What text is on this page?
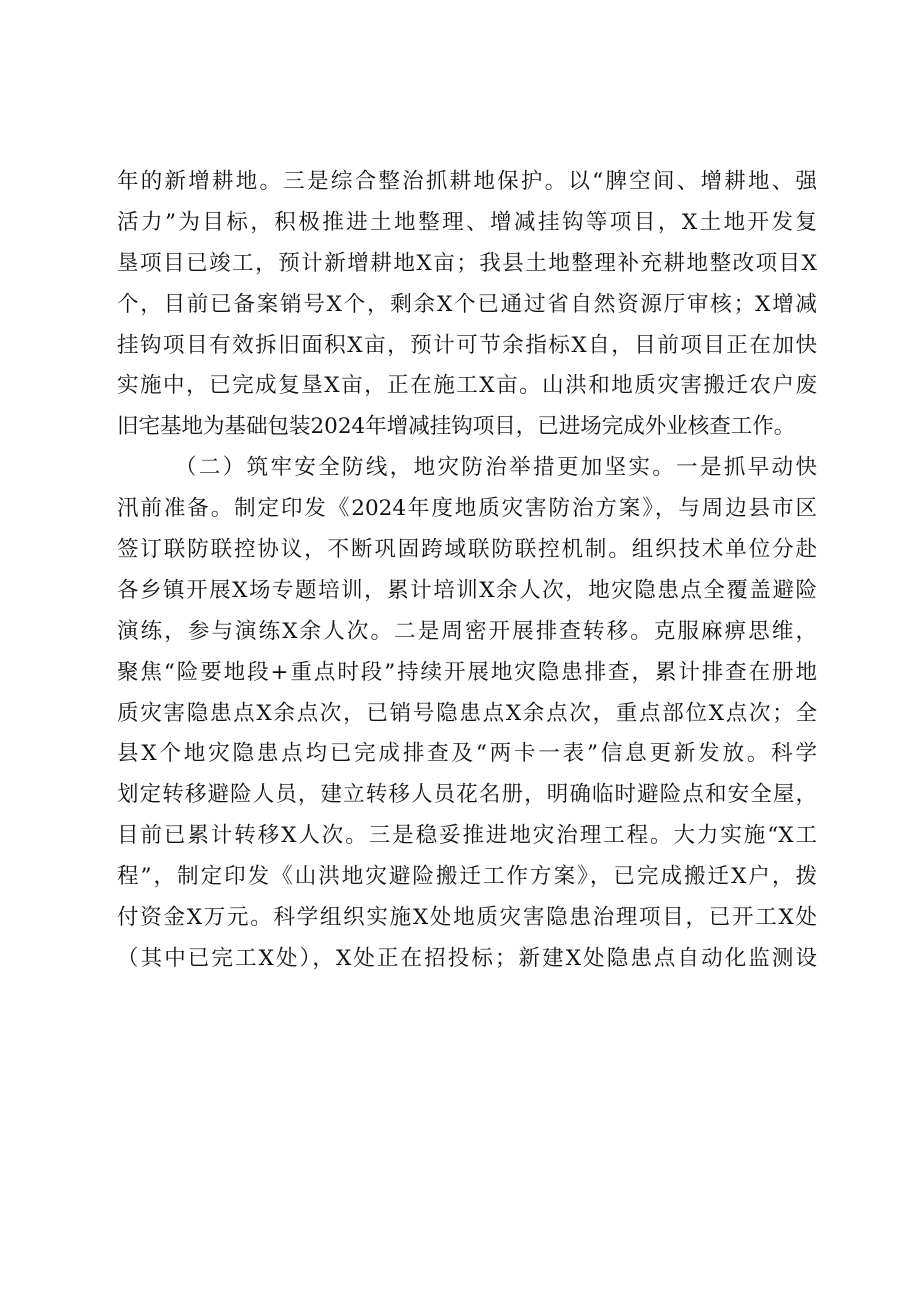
年的新增耕地。三是综合整治抓耕地保护。以“脾空间、增耕地、强
活力”为目标，积极推进土地整理、增减挂钩等项目，X土地开发复
垦项目已竣工，预计新增耕地X亩；我县土地整理补充耕地整改项目X
个，目前已备案销号X个，剩余X个已通过省自然资源厅审核；X增减
挂钩项目有效拆旧面积X亩，预计可节余指标X自，目前项目正在加快
实施中，已完成复垦X亩，正在施工X亩。山洪和地质灾害搬迁农户废
旧宅基地为基础包装2024年增减挂钩项目，已进场完成外业核查工作。
（二）筑牢安全防线，地灾防治举措更加坚实。一是抓早动快
汛前准备。制定印发《2024年度地质灾害防治方案》，与周边县市区
签订联防联控协议，不断巩固跨域联防联控机制。组织技术单位分赴
各乡镇开展X场专题培训，累计培训X余人次，地灾隐患点全覆盖避险
演练，参与演练X余人次。二是周密开展排查转移。克服麻痹思维，
聚焦“险要地段+重点时段”持续开展地灾隐患排查，累计排查在册地
质灾害隐患点X余点次，已销号隐患点X余点次，重点部位X点次；全
县X个地灾隐患点均已完成排查及“两卡一表”信息更新发放。科学
划定转移避险人员，建立转移人员花名册，明确临时避险点和安全屋，
目前已累计转移X人次。三是稳妥推进地灾治理工程。大力实施“X工
程”，制定印发《山洪地灾避险搬迁工作方案》，已完成搬迁X户，拨
付资金X万元。科学组织实施X处地质灾害隐患治理项目，已开工X处
（其中已完工X处），X处正在招投标；新建X处隐患点自动化监测设
